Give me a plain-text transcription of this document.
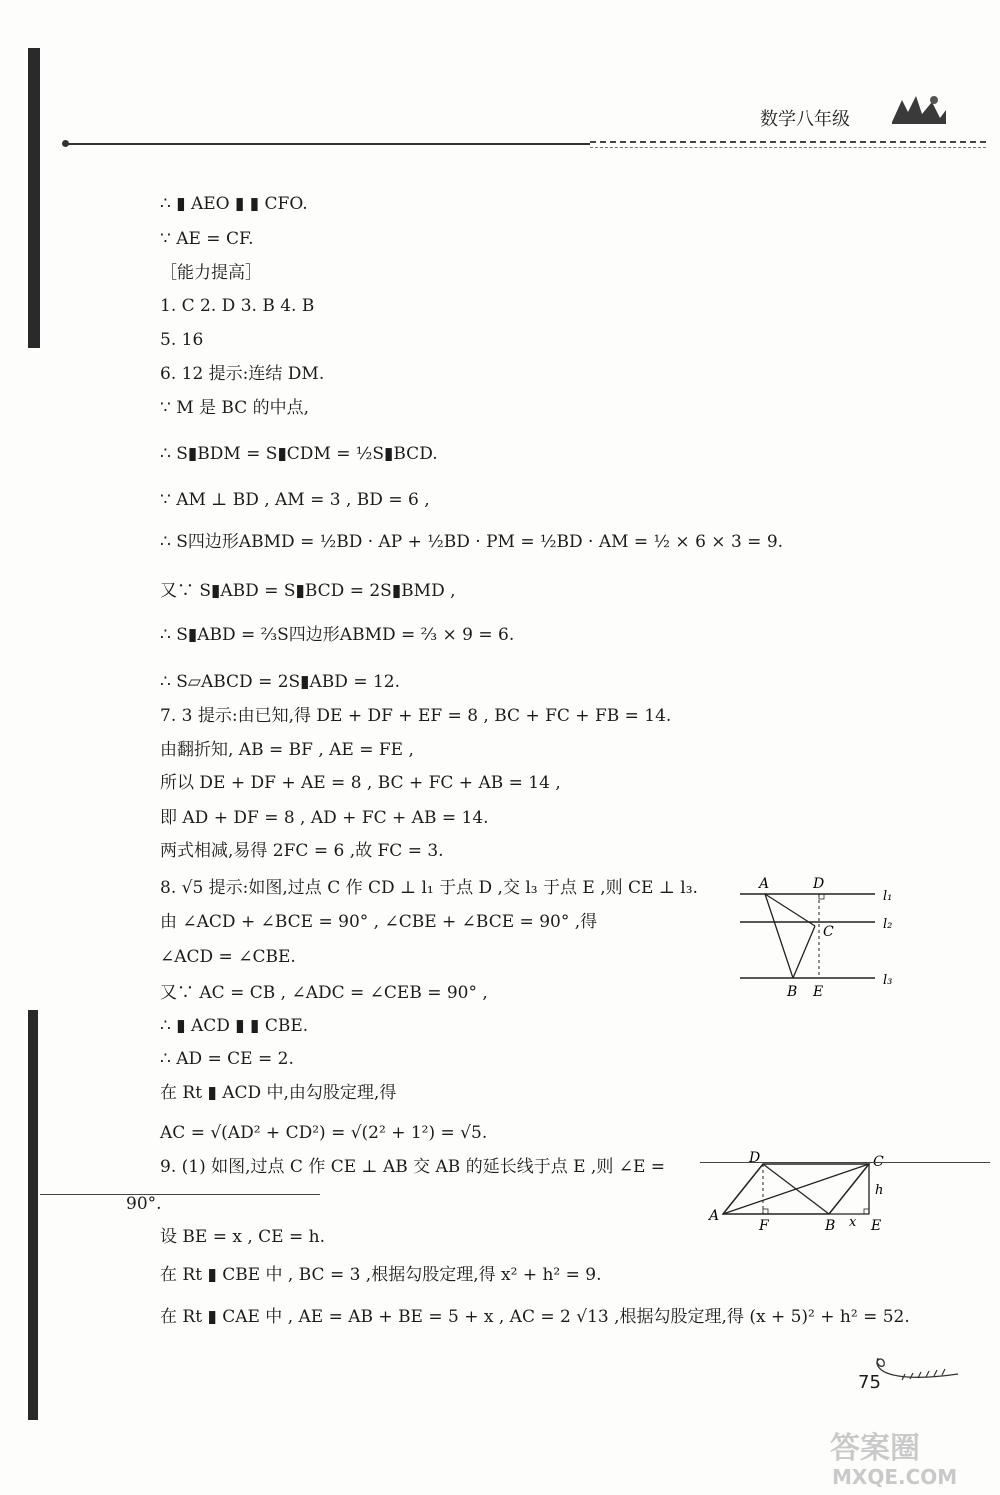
数学八年级
∴ ▮ AEO ▮ ▮ CFO.
∵ AE = CF.
［能力提高］
1. C 2. D 3. B 4. B
5. 16
6. 12 提示:连结 DM.
∵ M 是 BC 的中点,
∴ S▮BDM = S▮CDM = ½S▮BCD.
∵ AM ⊥ BD , AM = 3 , BD = 6 ,
∴ S四边形ABMD = ½BD · AP + ½BD · PM = ½BD · AM = ½ × 6 × 3 = 9.
又∵ S▮ABD = S▮BCD = 2S▮BMD ,
∴ S▮ABD = ⅔S四边形ABMD = ⅔ × 9 = 6.
∴ S▱ABCD = 2S▮ABD = 12.
7. 3 提示:由已知,得 DE + DF + EF = 8 , BC + FC + FB = 14.
由翻折知, AB = BF , AE = FE ,
所以 DE + DF + AE = 8 , BC + FC + AB = 14 ,
即 AD + DF = 8 , AD + FC + AB = 14.
两式相减,易得 2FC = 6 ,故 FC = 3.
8. √5 提示:如图,过点 C 作 CD ⊥ l₁ 于点 D ,交 l₃ 于点 E ,则 CE ⊥ l₃.
由 ∠ACD + ∠BCE = 90° , ∠CBE + ∠BCE = 90° ,得
∠ACD = ∠CBE.
又∵ AC = CB , ∠ADC = ∠CEB = 90° ,
∴ ▮ ACD ▮ ▮ CBE.
∴ AD = CE = 2.
在 Rt ▮ ACD 中,由勾股定理,得
AC = √(AD² + CD²) = √(2² + 1²) = √5.
9. (1) 如图,过点 C 作 CE ⊥ AB 交 AB 的延长线于点 E ,则 ∠E =
90°.
设 BE = x , CE = h.
在 Rt ▮ CBE 中 , BC = 3 ,根据勾股定理,得 x² + h² = 9.
在 Rt ▮ CAE 中 , AE = AB + BE = 5 + x , AC = 2 √13 ,根据勾股定理,得 (x + 5)² + h² = 52.
A	D
C
B E
l₁
l₂
l₃
D	C
h
A
F	B x E
75
答案圈
MXQE.COM
